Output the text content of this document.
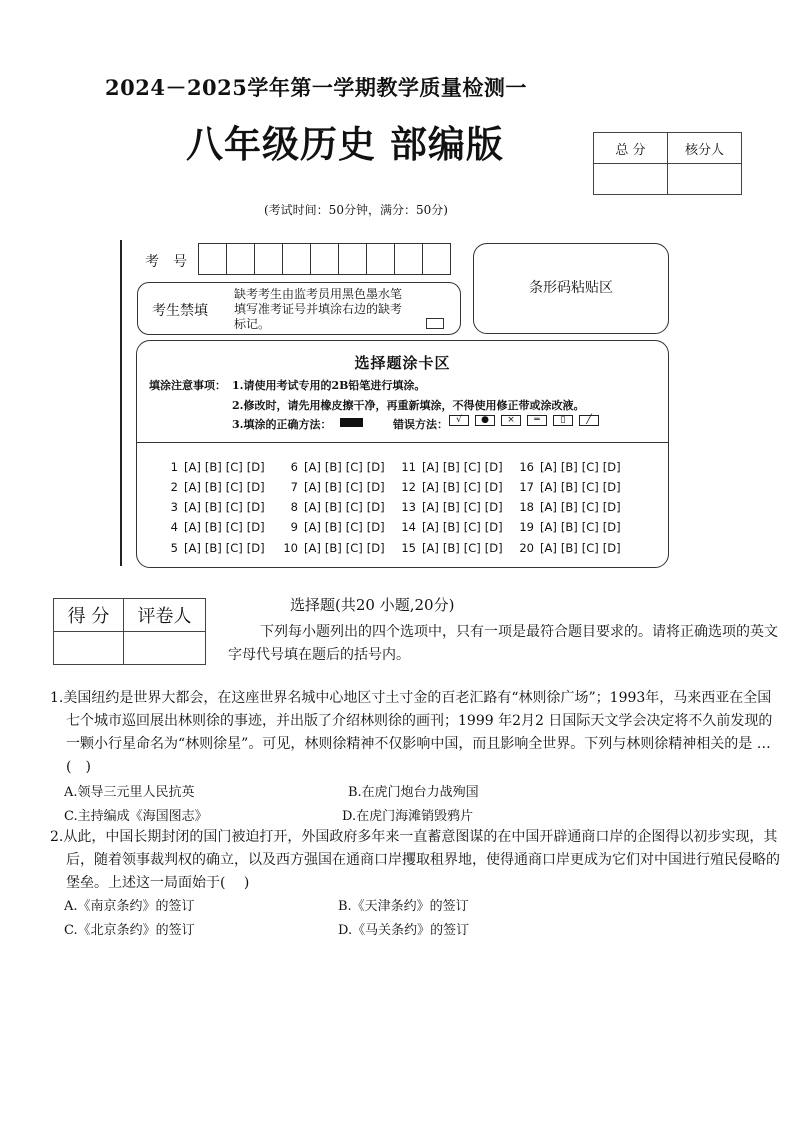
2024－2025学年第一学期教学质量检测一
八年级历史 部编版
(考试时间：50分钟，满分：50分)
总 分	核分人

考号
条形码粘贴区
考生禁填
缺考考生由监考员用黑色墨水笔填写准考证号并填涂右边的缺考标记。
选择题涂卡区
填涂注意事项： 1.请使用考试专用的2B铅笔进行填涂。
2.修改时，请先用橡皮擦干净，再重新填涂，不得使用修正带或涂改液。
3.填涂的正确方法：	错误方法： √	●	×	═	▯	╱
1 [A] [B] [C] [D]
2 [A] [B] [C] [D]
3 [A] [B] [C] [D]
4 [A] [B] [C] [D]
5 [A] [B] [C] [D]
6 [A] [B] [C] [D]
7 [A] [B] [C] [D]
8 [A] [B] [C] [D]
9 [A] [B] [C] [D]
10 [A] [B] [C] [D]
11 [A] [B] [C] [D]
12 [A] [B] [C] [D]
13 [A] [B] [C] [D]
14 [A] [B] [C] [D]
15 [A] [B] [C] [D]
16 [A] [B] [C] [D]
17 [A] [B] [C] [D]
18 [A] [B] [C] [D]
19 [A] [B] [C] [D]
20 [A] [B] [C] [D]
得 分	评卷人

选择题(共20 小题,20分)
下列每小题列出的四个选项中，只有一项是最符合题目要求的。请将正确选项的英文字母代号填在题后的括号内。
1.美国纽约是世界大都会，在这座世界名城中心地区寸土寸金的百老汇路有“林则徐广场”；1993年，马来西亚在全国七个城市巡回展出林则徐的事迹，并出版了介绍林则徐的画刊；1999 年2月2 日国际天文学会决定将不久前发现的一颗小行星命名为“林则徐星”。可见，林则徐精神不仅影响中国，而且影响全世界。下列与林则徐精神相关的是 … (　)
A.领导三元里人民抗英	B.在虎门炮台力战殉国
C.主持编成《海国图志》	D.在虎门海滩销毁鸦片
2.从此，中国长期封闭的国门被迫打开，外国政府多年来一直蓄意图谋的在中国开辟通商口岸的企图得以初步实现，其后，随着领事裁判权的确立，以及西方强国在通商口岸攫取租界地，使得通商口岸更成为它们对中国进行殖民侵略的堡垒。上述这一局面始于(　 )
A.《南京条约》的签订	B.《天津条约》的签订
C.《北京条约》的签订	D.《马关条约》的签订
